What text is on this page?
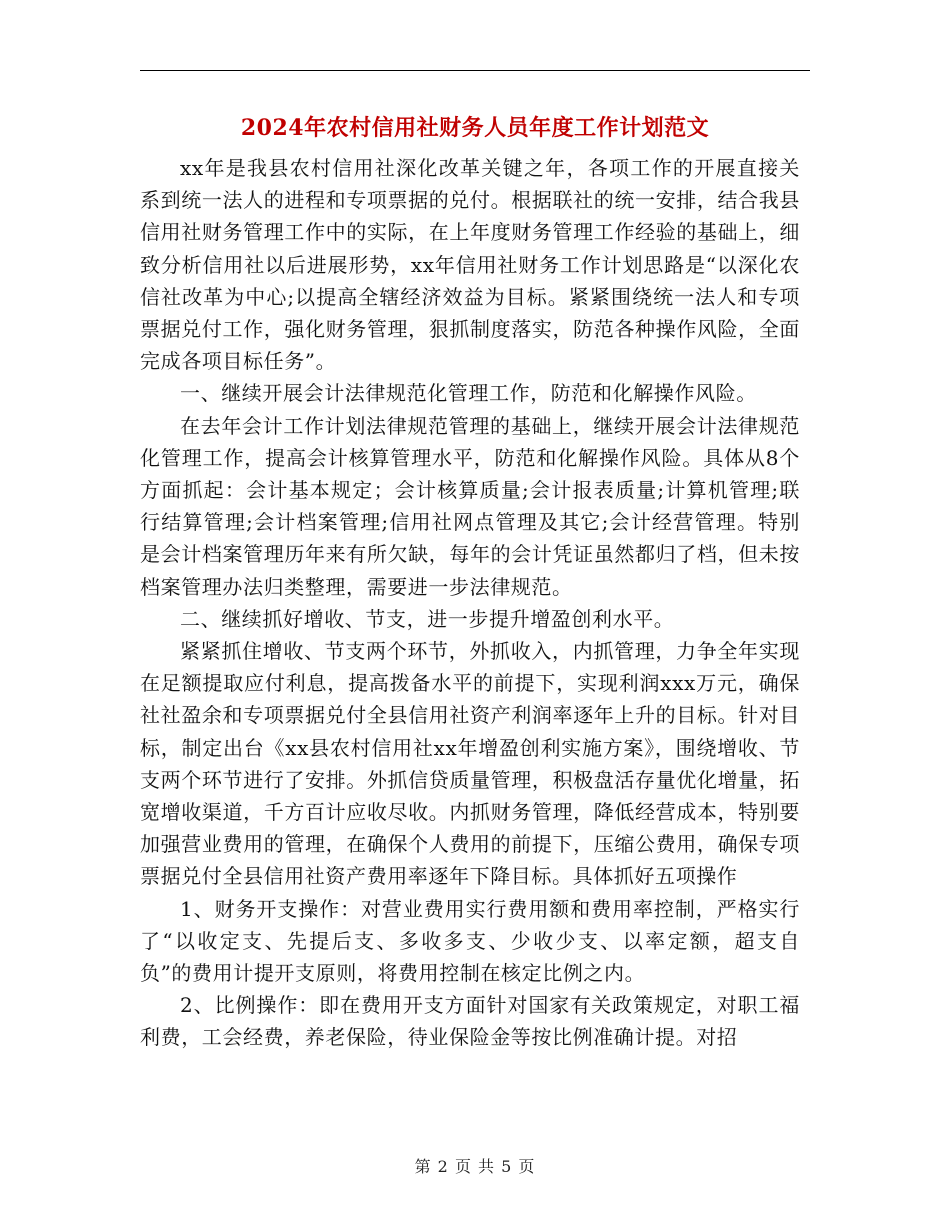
2024年农村信用社财务人员年度工作计划范文

xx年是我县农村信用社深化改革关键之年，各项工作的开展直接关系到统一法人的进程和专项票据的兑付。根据联社的统一安排，结合我县信用社财务管理工作中的实际，在上年度财务管理工作经验的基础上，细致分析信用社以后进展形势，xx年信用社财务工作计划思路是“以深化农信社改革为中心;以提高全辖经济效益为目标。紧紧围绕统一法人和专项票据兑付工作，强化财务管理，狠抓制度落实，防范各种操作风险，全面完成各项目标任务”。

一、继续开展会计法律规范化管理工作，防范和化解操作风险。

在去年会计工作计划法律规范管理的基础上，继续开展会计法律规范化管理工作，提高会计核算管理水平，防范和化解操作风险。具体从8个方面抓起：会计基本规定；会计核算质量;会计报表质量;计算机管理;联行结算管理;会计档案管理;信用社网点管理及其它;会计经营管理。特别是会计档案管理历年来有所欠缺，每年的会计凭证虽然都归了档，但未按档案管理办法归类整理，需要进一步法律规范。

二、继续抓好增收、节支，进一步提升增盈创利水平。

紧紧抓住增收、节支两个环节，外抓收入，内抓管理，力争全年实现在足额提取应付利息，提高拨备水平的前提下，实现利润xxx万元，确保社社盈余和专项票据兑付全县信用社资产利润率逐年上升的目标。针对目标，制定出台《xx县农村信用社xx年增盈创利实施方案》，围绕增收、节支两个环节进行了安排。外抓信贷质量管理，积极盘活存量优化增量，拓宽增收渠道，千方百计应收尽收。内抓财务管理，降低经营成本，特别要加强营业费用的管理，在确保个人费用的前提下，压缩公费用，确保专项票据兑付全县信用社资产费用率逐年下降目标。具体抓好五项操作

1、财务开支操作：对营业费用实行费用额和费用率控制，严格实行了“以收定支、先提后支、多收多支、少收少支、以率定额，超支自负”的费用计提开支原则，将费用控制在核定比例之内。

2、比例操作：即在费用开支方面针对国家有关政策规定，对职工福利费，工会经费，养老保险，待业保险金等按比例准确计提。对招

第 2 页 共 5 页
